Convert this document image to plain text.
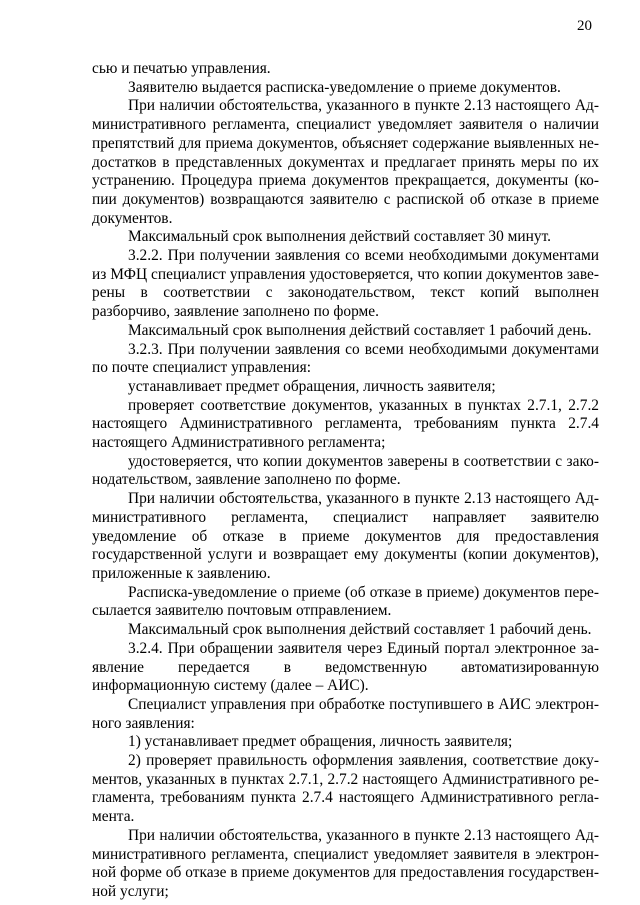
20

сью и печатью управления.

Заявителю выдается расписка-уведомление о приеме документов.

При наличии обстоятельства, указанного в пункте 2.13 настоящего Административного регламента, специалист уведомляет заявителя о наличии препятствий для приема документов, объясняет содержание выявленных недостатков в представленных документах и предлагает принять меры по их устранению. Процедура приема документов прекращается, документы (копии документов) возвращаются заявителю с распиской об отказе в приеме документов.

Максимальный срок выполнения действий составляет 30 минут.

3.2.2. При получении заявления со всеми необходимыми документами из МФЦ специалист управления удостоверяется, что копии документов заверены в соответствии с законодательством, текст копий выполнен разборчиво, заявление заполнено по форме.

Максимальный срок выполнения действий составляет 1 рабочий день.

3.2.3. При получении заявления со всеми необходимыми документами по почте специалист управления:

устанавливает предмет обращения, личность заявителя;

проверяет соответствие документов, указанных в пунктах 2.7.1, 2.7.2 настоящего Административного регламента, требованиям пункта 2.7.4 настоящего Административного регламента;

удостоверяется, что копии документов заверены в соответствии с законодательством, заявление заполнено по форме.

При наличии обстоятельства, указанного в пункте 2.13 настоящего Административного регламента, специалист направляет заявителю уведомление об отказе в приеме документов для предоставления государственной услуги и возвращает ему документы (копии документов), приложенные к заявлению.

Расписка-уведомление о приеме (об отказе в приеме) документов пересылается заявителю почтовым отправлением.

Максимальный срок выполнения действий составляет 1 рабочий день.

3.2.4. При обращении заявителя через Единый портал электронное заявление передается в ведомственную автоматизированную информационную систему (далее – АИС).

Специалист управления при обработке поступившего в АИС электронного заявления:

1) устанавливает предмет обращения, личность заявителя;

2) проверяет правильность оформления заявления, соответствие документов, указанных в пунктах 2.7.1, 2.7.2 настоящего Административного регламента, требованиям пункта 2.7.4 настоящего Административного регламента.

При наличии обстоятельства, указанного в пункте 2.13 настоящего Административного регламента, специалист уведомляет заявителя в электронной форме об отказе в приеме документов для предоставления государственной услуги;
